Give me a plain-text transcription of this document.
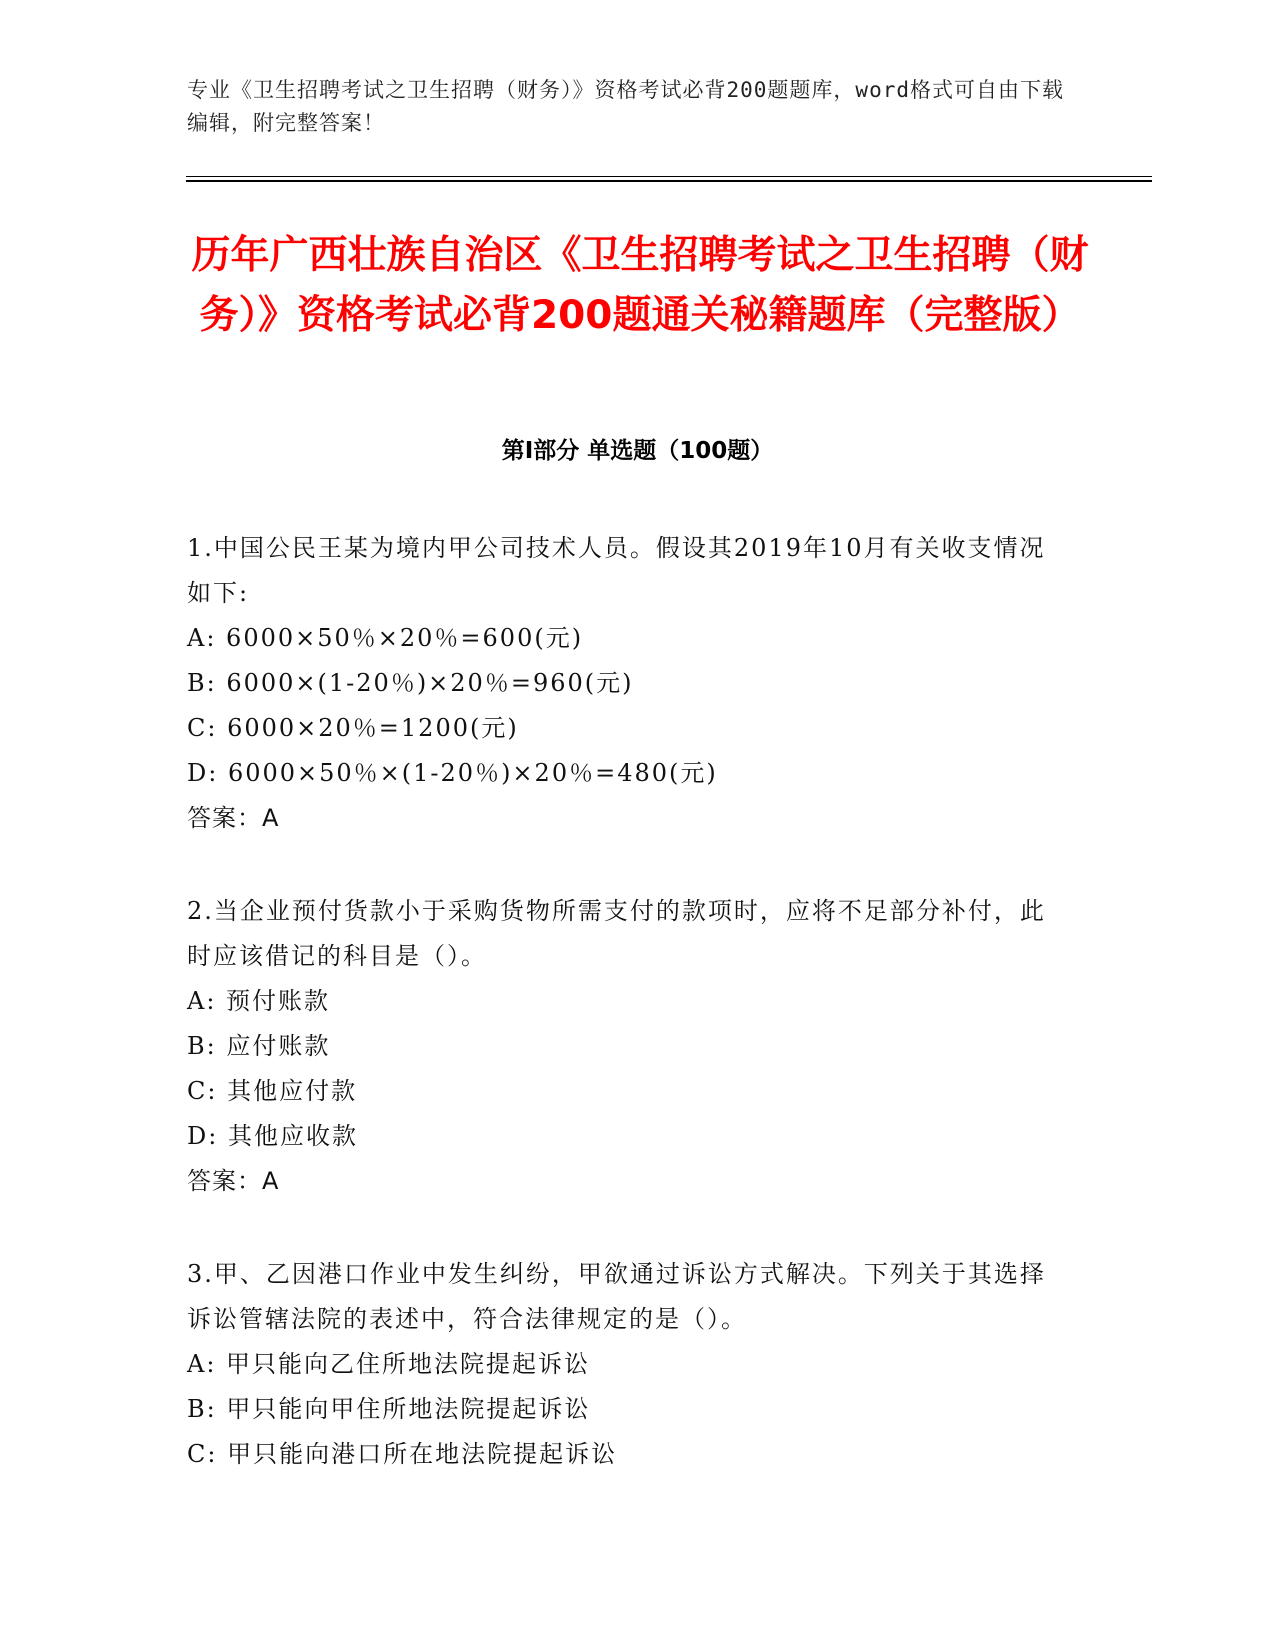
专业《卫生招聘考试之卫生招聘（财务）》资格考试必背200题题库，word格式可自由下载编辑，附完整答案！
历年广西壮族自治区《卫生招聘考试之卫生招聘（财务）》资格考试必背200题通关秘籍题库（完整版）
第I部分 单选题（100题）
1.中国公民王某为境内甲公司技术人员。假设其2019年10月有关收支情况如下:
A: 6000×50％×20％=600(元)
B: 6000×(1-20％)×20％=960(元)
C: 6000×20％=1200(元)
D: 6000×50％×(1-20％)×20％=480(元)
答案：A
2.当企业预付货款小于采购货物所需支付的款项时，应将不足部分补付，此时应该借记的科目是（）。
A: 预付账款
B: 应付账款
C: 其他应付款
D: 其他应收款
答案：A
3.甲、乙因港口作业中发生纠纷，甲欲通过诉讼方式解决。下列关于其选择诉讼管辖法院的表述中，符合法律规定的是（）。
A: 甲只能向乙住所地法院提起诉讼
B: 甲只能向甲住所地法院提起诉讼
C: 甲只能向港口所在地法院提起诉讼
